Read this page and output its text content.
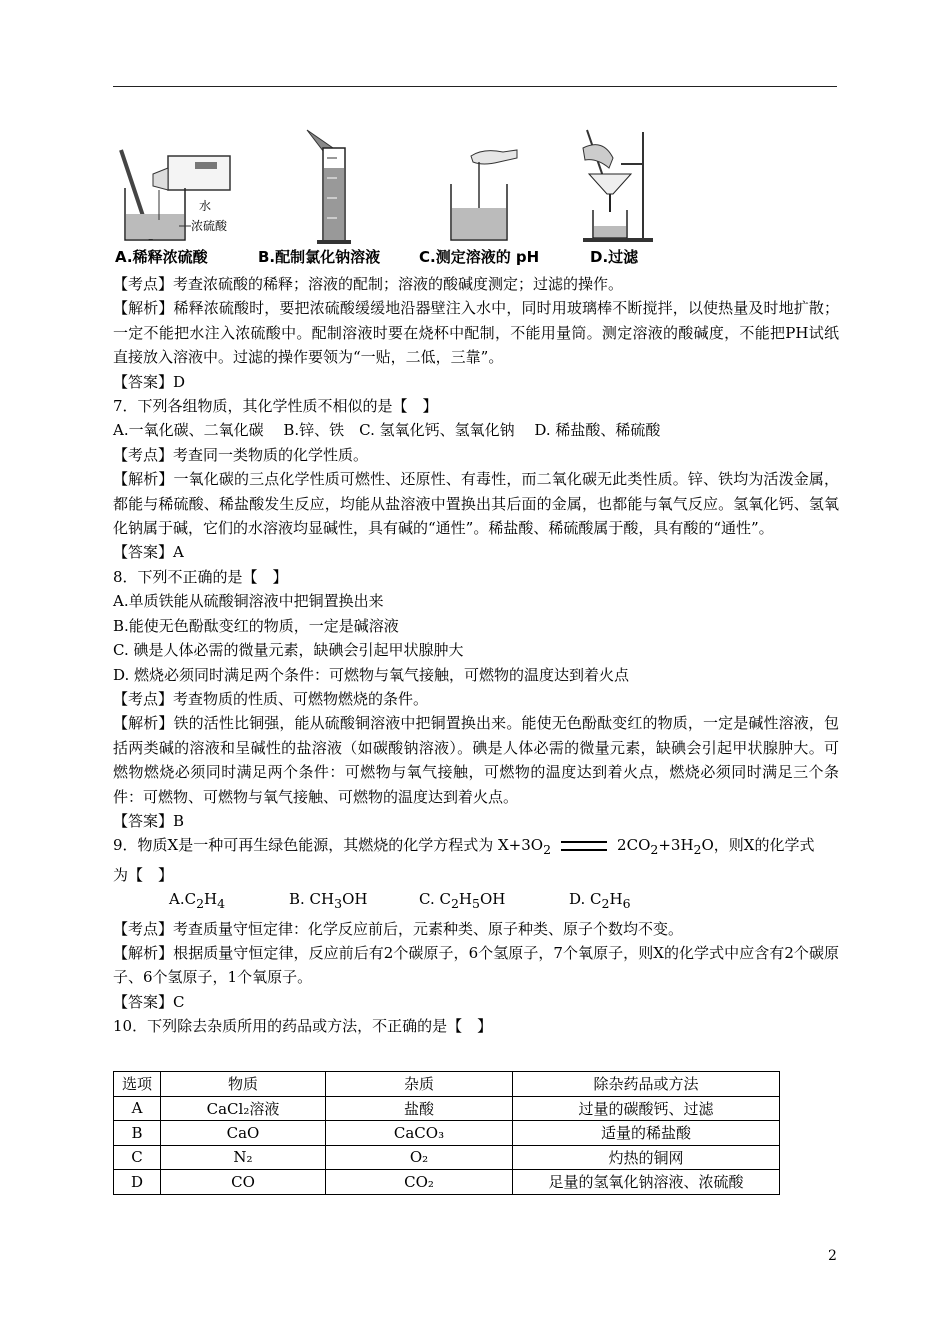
水
浓硫酸
A.稀释浓硫酸	B.配制氯化钠溶液	C.测定溶液的 pH	D.过滤

【考点】考查浓硫酸的稀释；溶液的配制；溶液的酸碱度测定；过滤的操作。

【解析】稀释浓硫酸时，要把浓硫酸缓缓地沿器壁注入水中，同时用玻璃棒不断搅拌，以使热量及时地扩散；一定不能把水注入浓硫酸中。配制溶液时要在烧杯中配制，不能用量筒。测定溶液的酸碱度，不能把PH试纸直接放入溶液中。过滤的操作要领为“一贴，二低，三靠”。

【答案】D

7．下列各组物质，其化学性质不相似的是【　】

A.一氧化碳、二氧化碳　 B.锌、铁　C. 氢氧化钙、氢氧化钠　 D. 稀盐酸、稀硫酸

【考点】考查同一类物质的化学性质。

【解析】一氧化碳的三点化学性质可燃性、还原性、有毒性，而二氧化碳无此类性质。锌、铁均为活泼金属，都能与稀硫酸、稀盐酸发生反应，均能从盐溶液中置换出其后面的金属，也都能与氧气反应。氢氧化钙、氢氧化钠属于碱，它们的水溶液均显碱性，具有碱的“通性”。稀盐酸、稀硫酸属于酸，具有酸的“通性”。

【答案】A

8．下列不正确的是【　】

A.单质铁能从硫酸铜溶液中把铜置换出来

B.能使无色酚酞变红的物质，一定是碱溶液

C. 碘是人体必需的微量元素，缺碘会引起甲状腺肿大

D. 燃烧必须同时满足两个条件：可燃物与氧气接触，可燃物的温度达到着火点

【考点】考查物质的性质、可燃物燃烧的条件。

【解析】铁的活性比铜强，能从硫酸铜溶液中把铜置换出来。能使无色酚酞变红的物质，一定是碱性溶液，包括两类碱的溶液和呈碱性的盐溶液（如碳酸钠溶液）。碘是人体必需的微量元素，缺碘会引起甲状腺肿大。可燃物燃烧必须同时满足两个条件：可燃物与氧气接触，可燃物的温度达到着火点，燃烧必须同时满足三个条件：可燃物、可燃物与氧气接触、可燃物的温度达到着火点。

【答案】B

9．物质X是一种可再生绿色能源，其燃烧的化学方程式为 $X+3O_2$	$2CO_2+3H_2O$，则X的化学式

为【　】

$A.C_2H_4$	B. $CH_3OH$	C. $C_2H_5OH$	D. $C_2H_6$

【考点】考查质量守恒定律：化学反应前后，元素种类、原子种类、原子个数均不变。

【解析】根据质量守恒定律，反应前后有2个碳原子，6个氢原子，7个氧原子，则X的化学式中应含有2个碳原子、6个氢原子，1个氧原子。

【答案】C

10．下列除去杂质所用的药品或方法，不正确的是【　】

选项	物质	杂质	除杂药品或方法
A	CaCl₂溶液	盐酸	过量的碳酸钙、过滤
B	CaO	CaCO₃	适量的稀盐酸
C	N₂	O₂	灼热的铜网
D	CO	CO₂	足量的氢氧化钠溶液、浓硫酸
2
